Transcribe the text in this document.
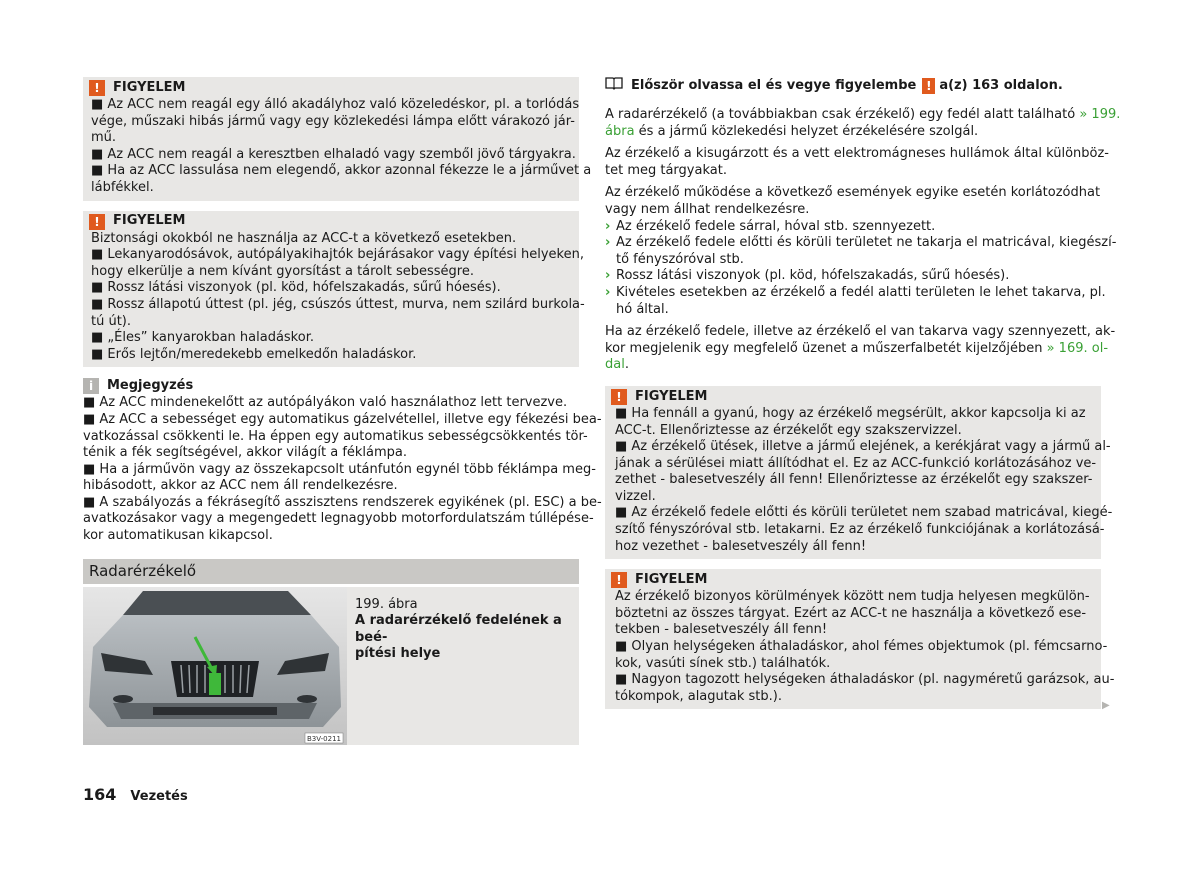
!	FIGYELEM
■ Az ACC nem reagál egy álló akadályhoz való közeledéskor, pl. a torlódás
vége, műszaki hibás jármű vagy egy közlekedési lámpa előtt várakozó jár-
mű.
■ Az ACC nem reagál a keresztben elhaladó vagy szemből jövő tárgyakra.
■ Ha az ACC lassulása nem elegendő, akkor azonnal fékezze le a járművet a
lábfékkel.
!	FIGYELEM
Biztonsági okokból ne használja az ACC-t a következő esetekben.
■ Lekanyarodósávok, autópályakihajtók bejárásakor vagy építési helyeken,
hogy elkerülje a nem kívánt gyorsítást a tárolt sebességre.
■ Rossz látási viszonyok (pl. köd, hófelszakadás, sűrű hóesés).
■ Rossz állapotú úttest (pl. jég, csúszós úttest, murva, nem szilárd burkola-
tú út).
■ „Éles” kanyarokban haladáskor.
■ Erős lejtőn/meredekebb emelkedőn haladáskor.
i	Megjegyzés
■ Az ACC mindenekelőtt az autópályákon való használathoz lett tervezve.
■ Az ACC a sebességet egy automatikus gázelvétellel, illetve egy fékezési bea-
vatkozással csökkenti le. Ha éppen egy automatikus sebességcsökkentés tör-
ténik a fék segítségével, akkor világít a féklámpa.
■ Ha a járművön vagy az összekapcsolt utánfutón egynél több féklámpa meg-
hibásodott, akkor az ACC nem áll rendelkezésre.
■ A szabályozás a fékrásegítő asszisztens rendszerek egyikének (pl. ESC) a be-
avatkozásakor vagy a megengedett legnagyobb motorfordulatszám túllépése-
kor automatikusan kikapcsol.
Radarérzékelő
B3V-0211
199. ábra
A radarérzékelő fedelének a beé-
pítési helye
Először olvassa el és vegye figyelembe ! a(z) 163 oldalon.
A radarérzékelő (a továbbiakban csak érzékelő) egy fedél alatt található » 199.
ábra és a jármű közlekedési helyzet érzékelésére szolgál.
Az érzékelő a kisugárzott és a vett elektromágneses hullámok által különböz-
tet meg tárgyakat.
Az érzékelő működése a következő események egyike esetén korlátozódhat
vagy nem állhat rendelkezésre.
› Az érzékelő fedele sárral, hóval stb. szennyezett.
› Az érzékelő fedele előtti és körüli területet ne takarja el matricával, kiegészí-
tő fényszóróval stb.
› Rossz látási viszonyok (pl. köd, hófelszakadás, sűrű hóesés).
› Kivételes esetekben az érzékelő a fedél alatti területen le lehet takarva, pl.
hó által.
Ha az érzékelő fedele, illetve az érzékelő el van takarva vagy szennyezett, ak-
kor megjelenik egy megfelelő üzenet a műszerfalbetét kijelzőjében » 169. ol-
dal.
!	FIGYELEM
■ Ha fennáll a gyanú, hogy az érzékelő megsérült, akkor kapcsolja ki az
ACC-t. Ellenőriztesse az érzékelőt egy szakszervizzel.
■ Az érzékelő ütések, illetve a jármű elejének, a kerékjárat vagy a jármű al-
jának a sérülései miatt állítódhat el. Ez az ACC-funkció korlátozásához ve-
zethet - balesetveszély áll fenn! Ellenőriztesse az érzékelőt egy szakszer-
vizzel.
■ Az érzékelő fedele előtti és körüli területet nem szabad matricával, kiegé-
szítő fényszóróval stb. letakarni. Ez az érzékelő funkciójának a korlátozásá-
hoz vezethet - balesetveszély áll fenn!
!	FIGYELEM
Az érzékelő bizonyos körülmények között nem tudja helyesen megkülön-
böztetni az összes tárgyat. Ezért az ACC-t ne használja a következő ese-
tekben - balesetveszély áll fenn!
■ Olyan helységeken áthaladáskor, ahol fémes objektumok (pl. fémcsarno-
kok, vasúti sínek stb.) találhatók.
■ Nagyon tagozott helységeken áthaladáskor (pl. nagyméretű garázsok, au-
tókompok, alagutak stb.).
▶
164 Vezetés
